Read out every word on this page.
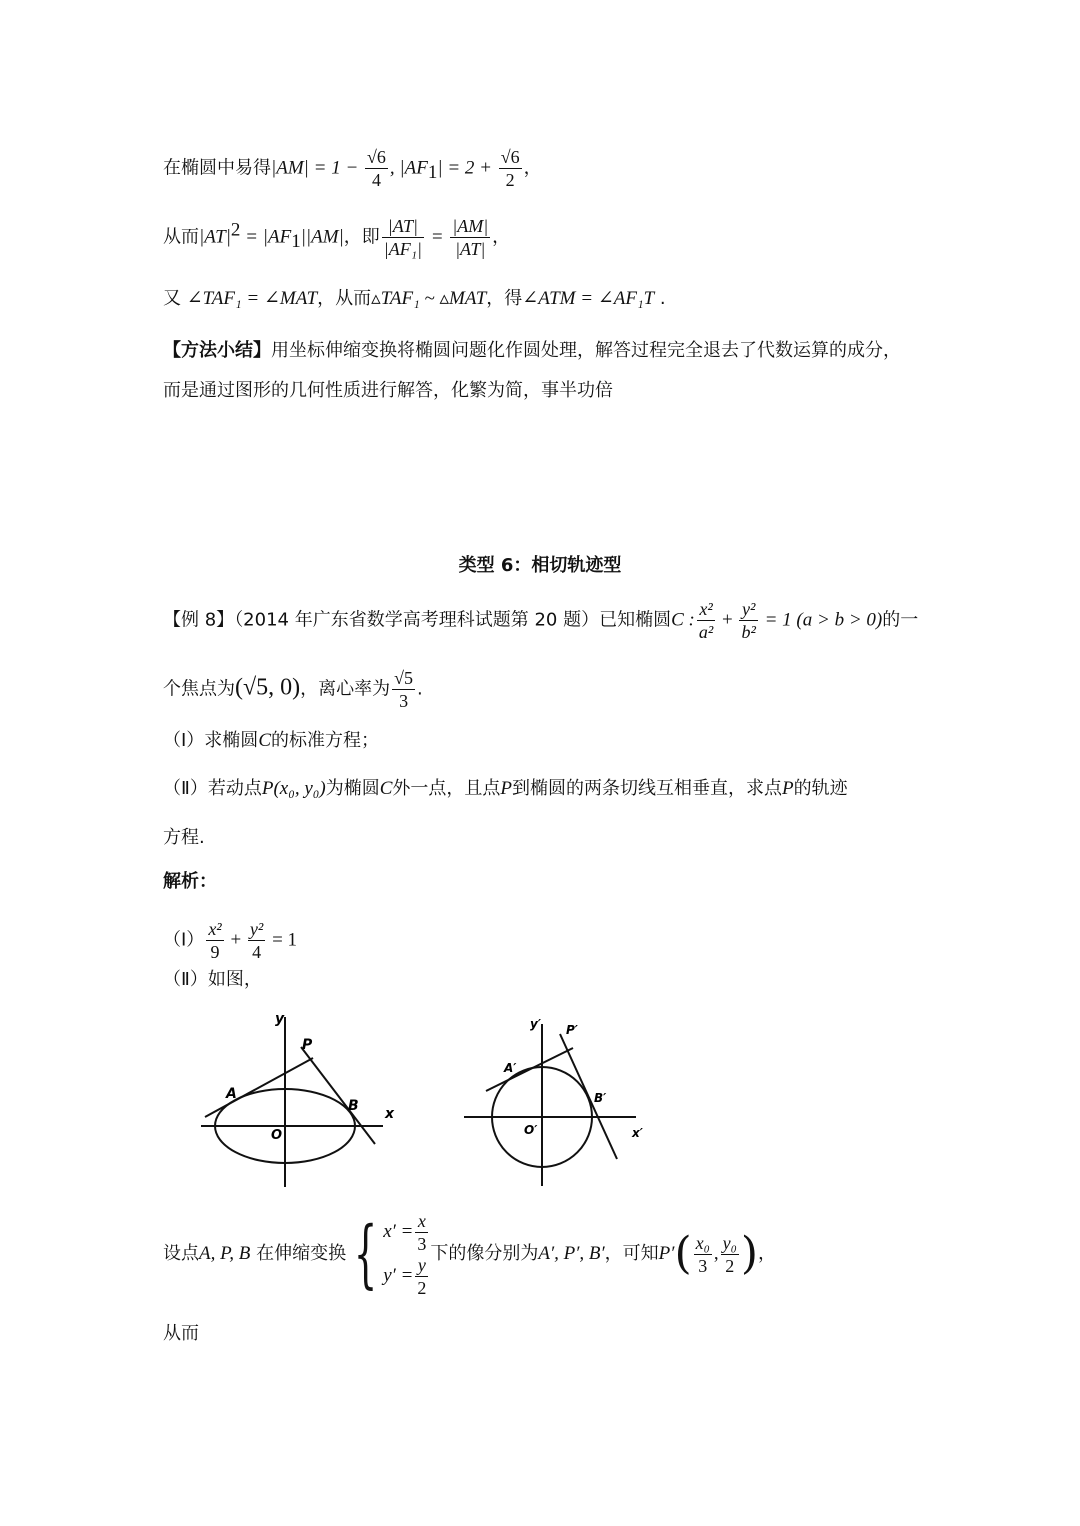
在椭圆中易得$|AM| = 1 - \frac{√6}{4}$ , $|AF_1| = 2 + \frac{√6}{2}$ ，
从而$|AT|^2 = |AF_1||AM|$，即 $\frac{|AT|}{\text{|AF₁|}} = \frac{|AM|}{|AT|}$ ，
又 ∠TAF₁ = ∠MAT，从而▵TAF₁ ~ ▵MAT，得∠ATM = ∠AF₁T .
【方法小结】用坐标伸缩变换将椭圆问题化作圆处理，解答过程完全退去了代数运算的成分，
而是通过图形的几何性质进行解答，化繁为简，事半功倍
类型 6：相切轨迹型
【例 8】（2014 年广东省数学高考理科试题第 20 题）已知椭圆C : $\frac{\text{x²}}{\text{a²}} + \frac{\text{y²}}{\text{b²}} = 1$ (a > b > 0)的一
个焦点为(√5, 0)，离心率为 $\frac{√5}{3}$ .
（Ⅰ）求椭圆C的标准方程；
（Ⅱ）若动点P(x₀, y₀)为椭圆C外一点，且点P到椭圆的两条切线互相垂直，求点P的轨迹
方程.
解析：
（Ⅰ） $\frac{\text{x²}}{9} + \frac{\text{y²}}{4} = 1$
（Ⅱ）如图，
y
x
O
A
B
P
y′
x′
O′
A′
B′
P′
设点A, P, B 在伸缩变换 { $x' = \frac{x}{3}$
$y' = \frac{y}{2}$ 下的像分别为A′, P′, B′，可知$P'( \frac{\text{x₀}}{3}$ , $\frac{\text{y₀}}{2}$ )，
从而
